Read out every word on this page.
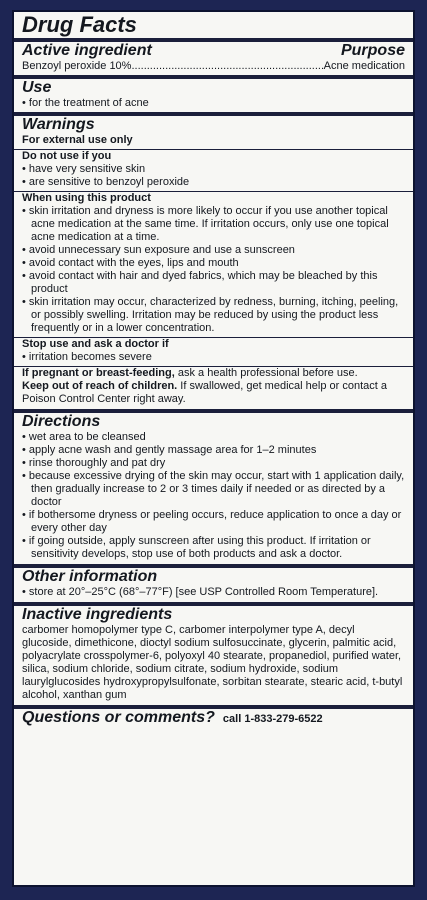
Drug Facts
Active ingredient	Purpose
Benzoyl peroxide 10%
.....	Acne medication
Use
• for the treatment of acne
Warnings
For external use only
Do not use if you
• have very sensitive skin
• are sensitive to benzoyl peroxide
When using this product
• skin irritation and dryness is more likely to occur if you use another topical acne medication at the same time. If irritation occurs, only use one topical acne medication at a time.
• avoid unnecessary sun exposure and use a sunscreen
• avoid contact with the eyes, lips and mouth
• avoid contact with hair and dyed fabrics, which may be bleached by this product
• skin irritation may occur, characterized by redness, burning, itching, peeling, or possibly swelling. Irritation may be reduced by using the product less frequently or in a lower concentration.
Stop use and ask a doctor if
• irritation becomes severe
If pregnant or breast-feeding, ask a health professional before use.
Keep out of reach of children. If swallowed, get medical help or contact a Poison Control Center right away.
Directions
• wet area to be cleansed
• apply acne wash and gently massage area for 1–2 minutes
• rinse thoroughly and pat dry
• because excessive drying of the skin may occur, start with 1 application daily, then gradually increase to 2 or 3 times daily if needed or as directed by a doctor
• if bothersome dryness or peeling occurs, reduce application to once a day or every other day
• if going outside, apply sunscreen after using this product. If irritation or sensitivity develops, stop use of both products and ask a doctor.
Other information
• store at 20°–25°C (68°–77°F) [see USP Controlled Room Temperature].
Inactive ingredients
carbomer homopolymer type C, carbomer interpolymer type A, decyl glucoside, dimethicone, dioctyl sodium sulfosuccinate, glycerin, palmitic acid, polyacrylate crosspolymer-6, polyoxyl 40 stearate, propanediol, purified water, silica, sodium chloride, sodium citrate, sodium hydroxide, sodium laurylglucosides hydroxypropylsulfonate, sorbitan stearate, stearic acid, t-butyl alcohol, xanthan gum
Questions or comments? call 1-833-279-6522
